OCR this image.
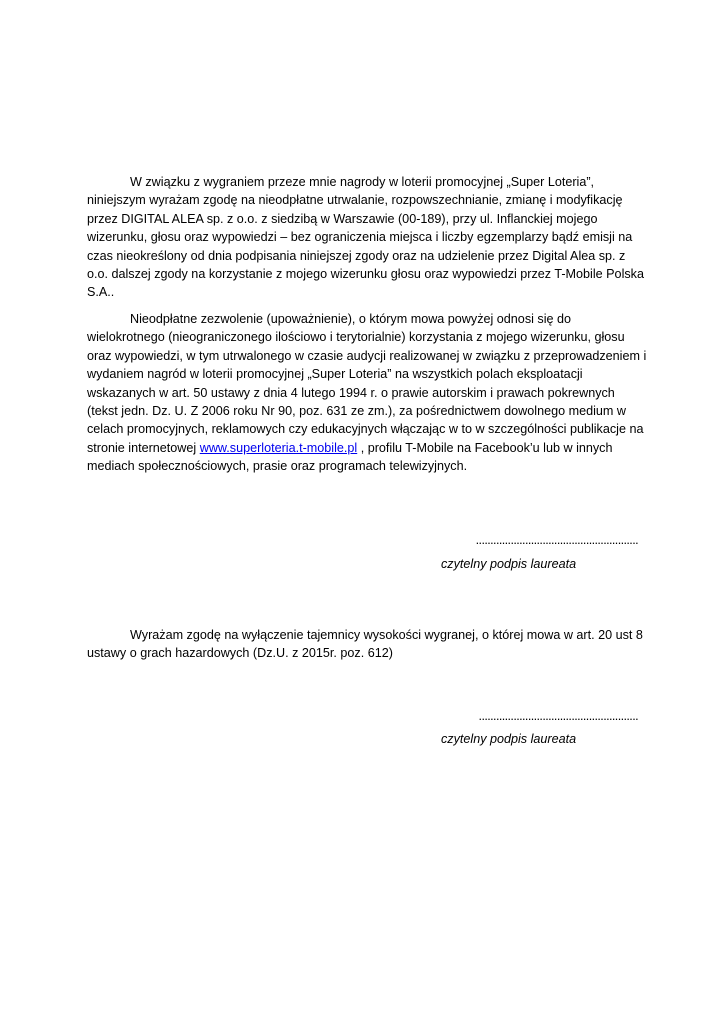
W związku z wygraniem przeze mnie nagrody w loterii promocyjnej „Super Loteria”, niniejszym wyrażam zgodę na nieodpłatne utrwalanie, rozpowszechnianie, zmianę i modyfikację przez DIGITAL ALEA sp. z o.o. z siedzibą w Warszawie (00-189), przy ul. Inflanckiej mojego wizerunku, głosu oraz wypowiedzi – bez ograniczenia miejsca i liczby egzemplarzy bądź emisji na czas nieokreślony od dnia podpisania niniejszej zgody oraz na udzielenie przez Digital Alea sp. z o.o. dalszej zgody na korzystanie z mojego wizerunku głosu oraz wypowiedzi przez T-Mobile Polska S.A..

Nieodpłatne zezwolenie (upoważnienie), o którym mowa powyżej odnosi się do wielokrotnego (nieograniczonego ilościowo i terytorialnie) korzystania z mojego wizerunku, głosu oraz wypowiedzi, w tym utrwalonego w czasie audycji realizowanej w związku z przeprowadzeniem i wydaniem nagród w loterii promocyjnej „Super Loteria” na wszystkich polach eksploatacji wskazanych w art. 50 ustawy z dnia 4 lutego 1994 r. o prawie autorskim i prawach pokrewnych (tekst jedn. Dz. U. Z 2006 roku Nr 90, poz. 631 ze zm.), za pośrednictwem dowolnego medium w celach promocyjnych, reklamowych czy edukacyjnych włączając w to w szczególności publikacje na stronie internetowej www.superloteria.t-mobile.pl , profilu T-Mobile na Facebook’u lub w innych mediach społecznościowych, prasie oraz programach telewizyjnych.

........................................................
czytelny podpis laureata

Wyrażam zgodę na wyłączenie tajemnicy wysokości wygranej, o której mowa w art. 20 ust 8 ustawy o grach hazardowych (Dz.U. z 2015r. poz. 612)

.......................................................
czytelny podpis laureata
